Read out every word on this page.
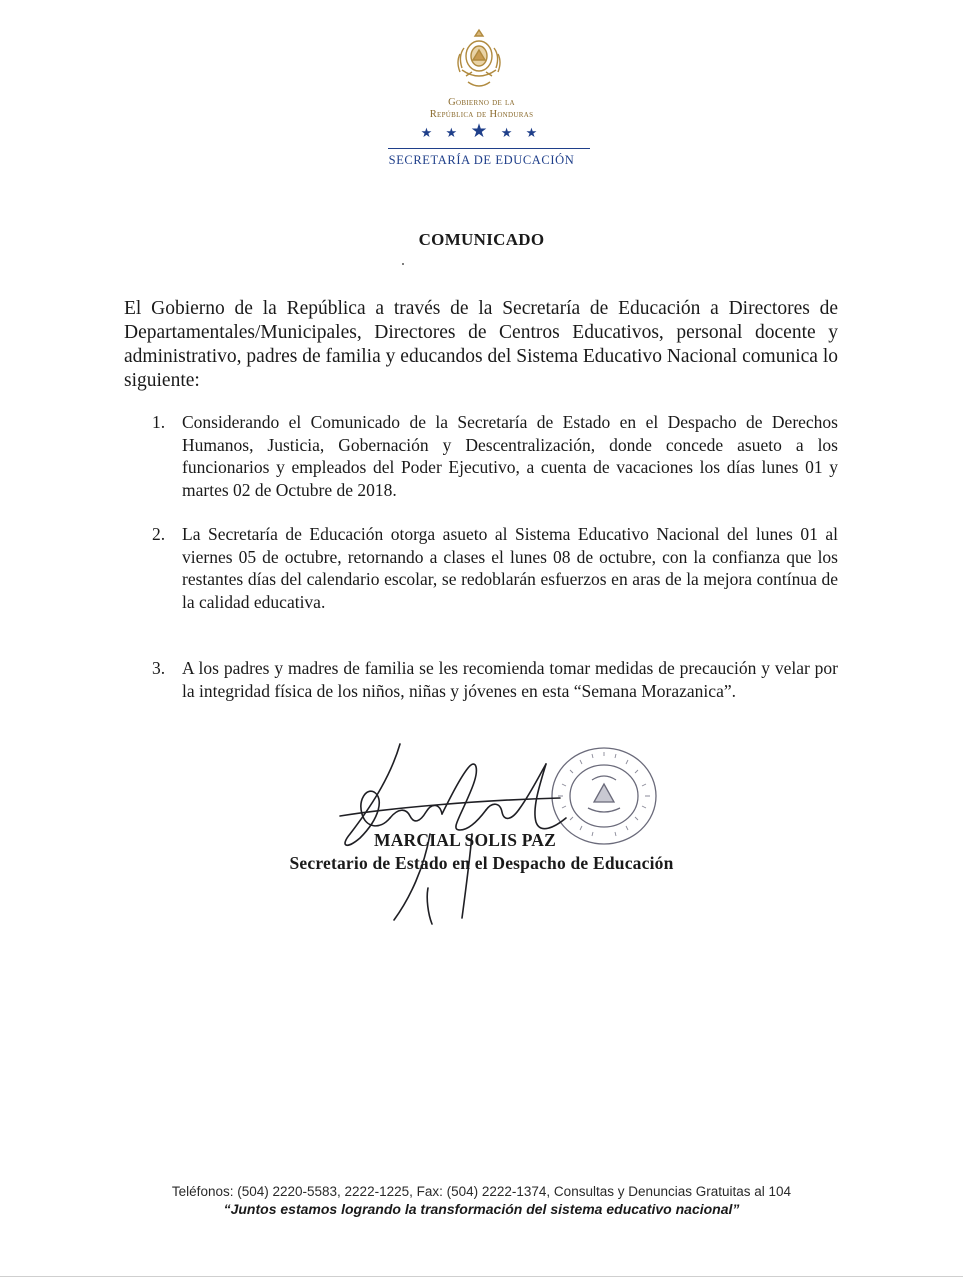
Gobierno de la
República de Honduras
★ ★ ★ ★ ★
SECRETARÍA DE EDUCACIÓN
COMUNICADO
El Gobierno de la República a través de la Secretaría de Educación a Directores de Departamentales/Municipales, Directores de Centros Educativos, personal docente y administrativo, padres de familia y educandos del Sistema Educativo Nacional comunica lo siguiente:
1. Considerando el Comunicado de la Secretaría de Estado en el Despacho de Derechos Humanos, Justicia, Gobernación y Descentralización, donde concede asueto a los funcionarios y empleados del Poder Ejecutivo, a cuenta de vacaciones los días lunes 01 y martes 02 de Octubre de 2018.
2. La Secretaría de Educación otorga asueto al Sistema Educativo Nacional del lunes 01 al viernes 05 de octubre, retornando a clases el lunes 08 de octubre, con la confianza que los restantes días del calendario escolar, se redoblarán esfuerzos en aras de la mejora contínua de la calidad educativa.
3. A los padres y madres de familia se les recomienda tomar medidas de precaución y velar por la integridad física de los niños, niñas y jóvenes en esta “Semana Morazanica”.
MARCIAL SOLIS PAZ
Secretario de Estado en el Despacho de Educación
Teléfonos: (504) 2220-5583, 2222-1225, Fax: (504) 2222-1374, Consultas y Denuncias Gratuitas al 104
“Juntos estamos logrando la transformación del sistema educativo nacional”
